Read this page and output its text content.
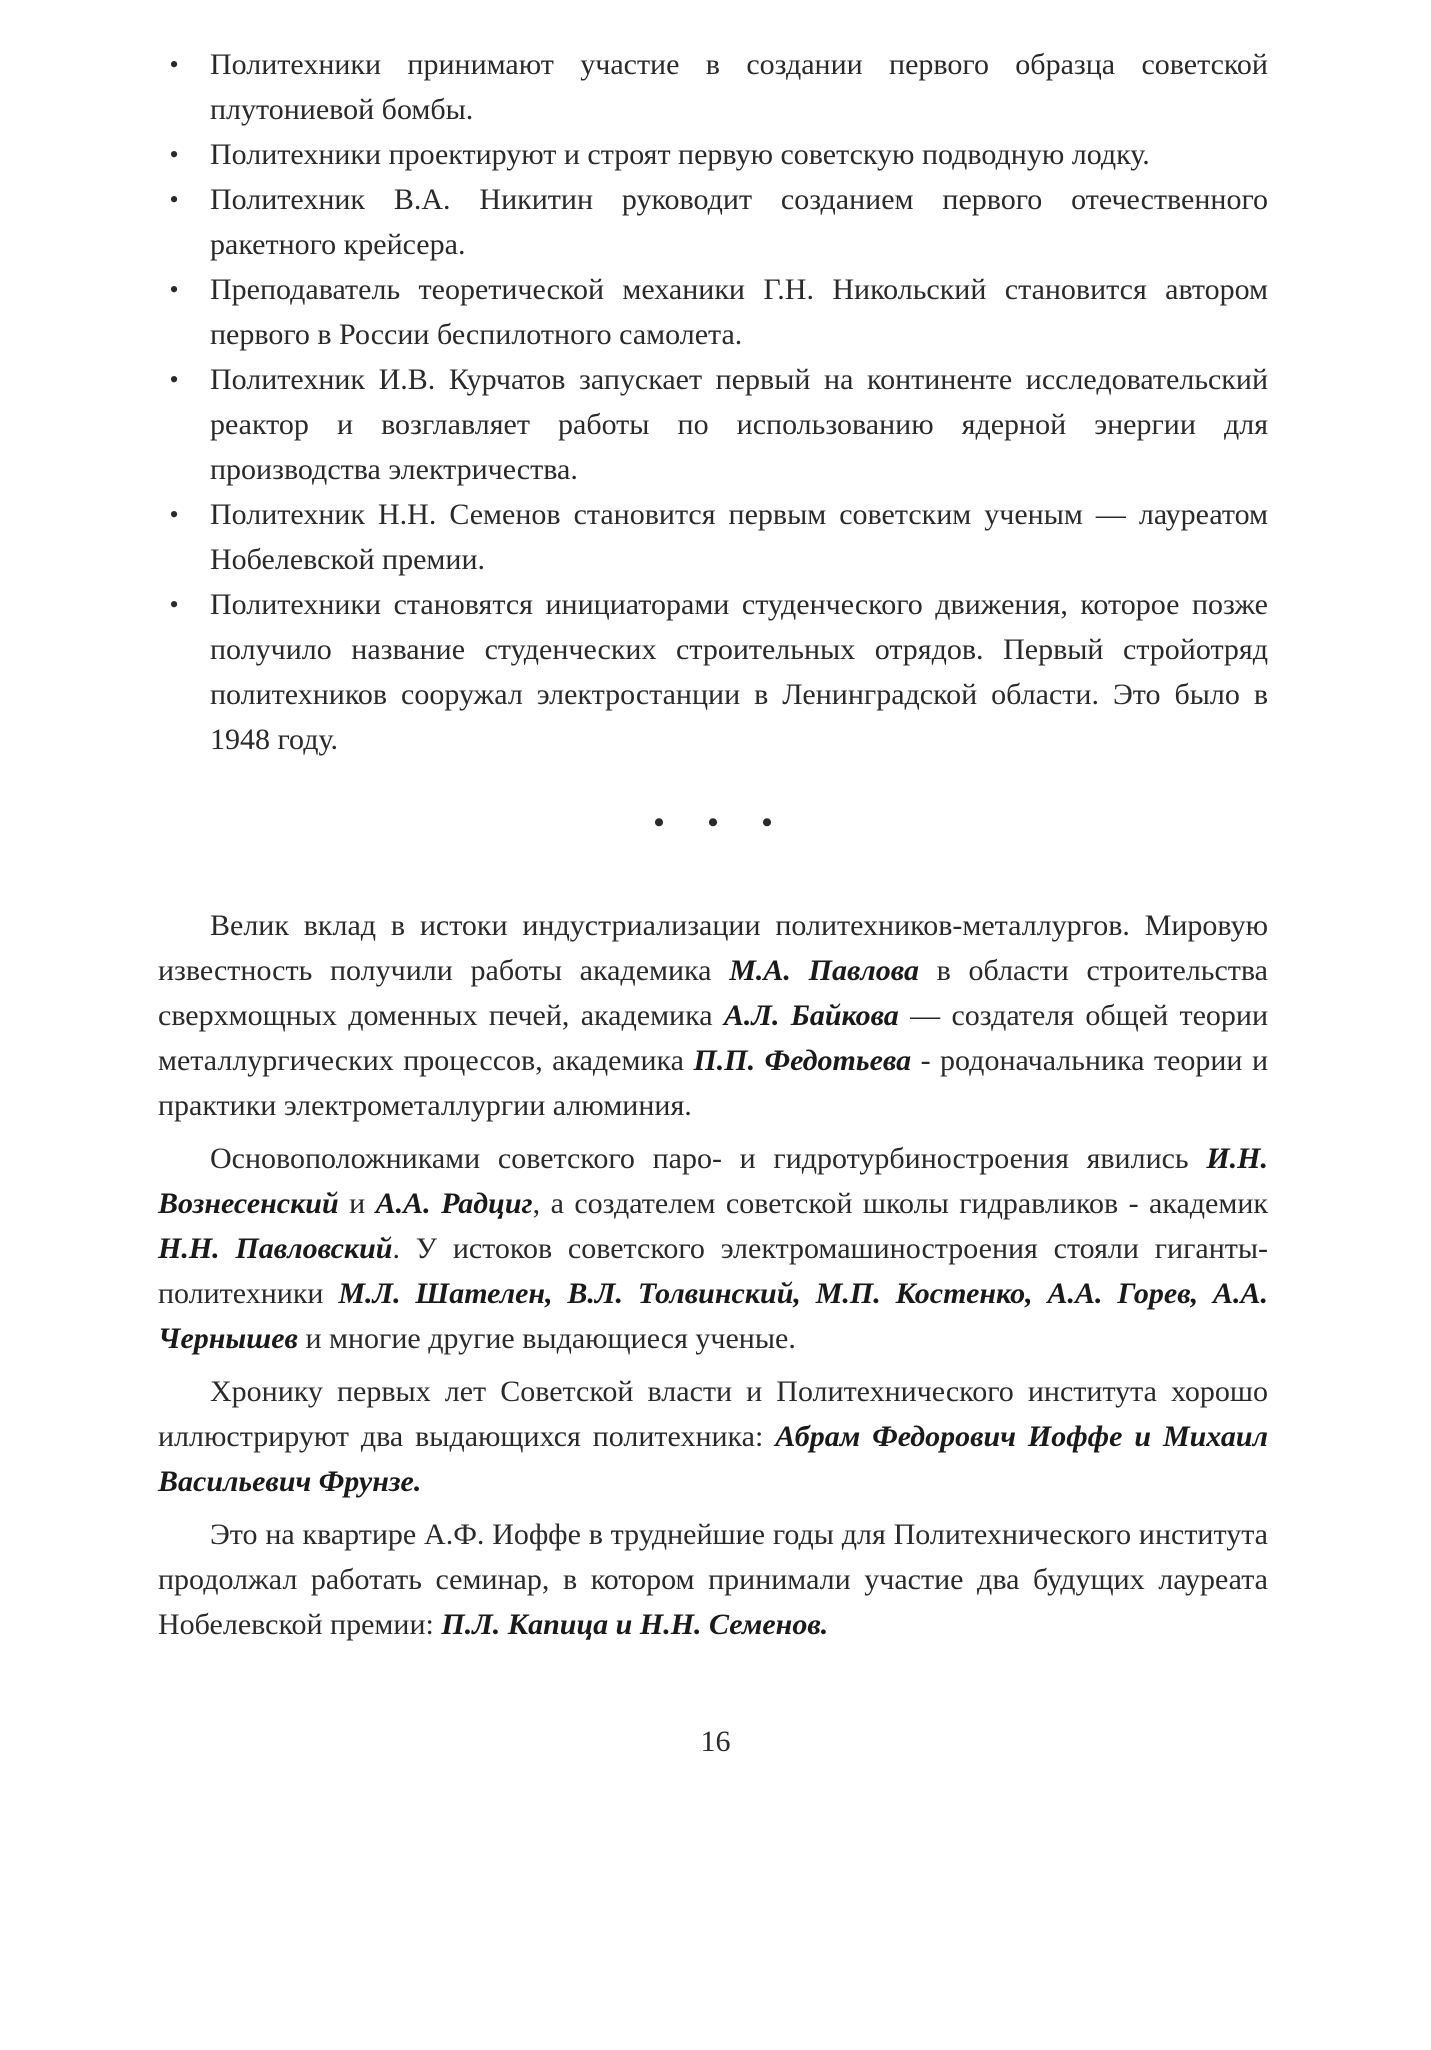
• Политехники принимают участие в создании первого образца советской плутониевой бомбы.
• Политехники проектируют и строят первую советскую подводную лодку.
• Политехник В.А. Никитин руководит созданием первого отечественного ракетного крейсера.
• Преподаватель теоретической механики Г.Н. Никольский становится автором первого в России беспилотного самолета.
• Политехник И.В. Курчатов запускает первый на континенте исследовательский реактор и возглавляет работы по использованию ядерной энергии для производства электричества.
• Политехник Н.Н. Семенов становится первым советским ученым — лауреатом Нобелевской премии.
• Политехники становятся инициаторами студенческого движения, которое позже получило название студенческих строительных отрядов. Первый стройотряд политехников сооружал электростанции в Ленинградской области. Это было в 1948 году.
• • •

Велик вклад в истоки индустриализации политехников-металлургов. Мировую известность получили работы академика М.А. Павлова в области строительства сверхмощных доменных печей, академика А.Л. Байкова — создателя общей теории металлургических процессов, академика П.П. Федотьева - родоначальника теории и практики электрометаллургии алюминия.

Основоположниками советского паро- и гидротурбиностроения явились И.Н. Вознесенский и А.А. Радциг, а создателем советской школы гидравликов - академик Н.Н. Павловский. У истоков советского электромашиностроения стояли гиганты-политехники М.Л. Шателен, В.Л. Толвинский, М.П. Костенко, А.А. Горев, А.А. Чернышев и многие другие выдающиеся ученые.

Хронику первых лет Советской власти и Политехнического института хорошо иллюстрируют два выдающихся политехника: Абрам Федорович Иоффе и Михаил Васильевич Фрунзе.

Это на квартире А.Ф. Иоффе в труднейшие годы для Политехнического института продолжал работать семинар, в котором принимали участие два будущих лауреата Нобелевской премии: П.Л. Капица и Н.Н. Семенов.

16
